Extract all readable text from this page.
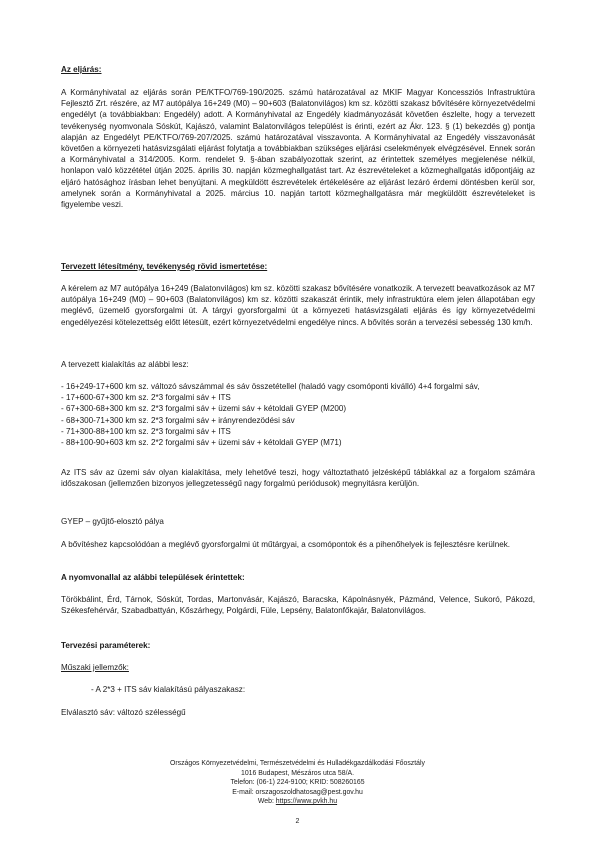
Az eljárás:
A Kormányhivatal az eljárás során PE/KTFO/769-190/2025. számú határozatával az MKIF Magyar Koncessziós Infrastruktúra Fejlesztő Zrt. részére, az M7 autópálya 16+249 (M0) – 90+603 (Balatonvilágos) km sz. közötti szakasz bővítésére környezetvédelmi engedélyt (a továbbiakban: Engedély) adott. A Kormányhivatal az Engedély kiadmányozását követően észlelte, hogy a tervezett tevékenység nyomvonala Sóskút, Kajászó, valamint Balatonvilágos települést is érinti, ezért az Ákr. 123. § (1) bekezdés g) pontja alapján az Engedélyt PE/KTFO/769-207/2025. számú határozatával visszavonta. A Kormányhivatal az Engedély visszavonását követően a környezeti hatásvizsgálati eljárást folytatja a továbbiakban szükséges eljárási cselekmények elvégzésével. Ennek során a Kormányhivatal a 314/2005. Korm. rendelet 9. §-ában szabályozottak szerint, az érintettek személyes megjelenése nélkül, honlapon való közzététel útján 2025. április 30. napján közmeghallgatást tart. Az észrevételeket a közmeghallgatás időpontjáig az eljáró hatósághoz írásban lehet benyújtani. A megküldött észrevételek értékelésére az eljárást lezáró érdemi döntésben kerül sor, amelynek során a Kormányhivatal a 2025. március 10. napján tartott közmeghallgatásra már megküldött észrevételeket is figyelembe veszi.
Tervezett létesítmény, tevékenység rövid ismertetése:
A kérelem az M7 autópálya 16+249 (Balatonvilágos) km sz. közötti szakasz bővítésére vonatkozik. A tervezett beavatkozások az M7 autópálya 16+249 (M0) – 90+603 (Balatonvilágos) km sz. közötti szakaszát érintik, mely infrastruktúra elem jelen állapotában egy meglévő, üzemelő gyorsforgalmi út. A tárgyi gyorsforgalmi út a környezeti hatásvizsgálati eljárás és így környezetvédelmi engedélyezési kötelezettség előtt létesült, ezért környezetvédelmi engedélye nincs. A bővítés során a tervezési sebesség 130 km/h.
A tervezett kialakítás az alábbi lesz:
- 16+249-17+600 km sz. változó sávszámmal és sáv összetétellel (haladó vagy csomóponti kiválló) 4+4 forgalmi sáv,
- 17+600-67+300 km sz. 2*3 forgalmi sáv + ITS
- 67+300-68+300 km sz. 2*3 forgalmi sáv + üzemi sáv + kétoldali GYEP (M200)
- 68+300-71+300 km sz. 2*3 forgalmi sáv + irányrendezödési sáv
- 71+300-88+100 km sz. 2*3 forgalmi sáv + ITS
- 88+100-90+603 km sz. 2*2 forgalmi sáv + üzemi sáv + kétoldali GYEP (M71)
Az ITS sáv az üzemi sáv olyan kialakítása, mely lehetővé teszi, hogy változtatható jelzésképű táblákkal az a forgalom számára időszakosan (jellemzően bizonyos jellegzetességű nagy forgalmú periódusok) megnyitásra kerüljön.
GYEP – gyűjtő-elosztó pálya
A bővítéshez kapcsolódóan a meglévő gyorsforgalmi út műtárgyai, a csomópontok és a pihenőhelyek is fejlesztésre kerülnek.
A nyomvonallal az alábbi települések érintettek:
Törökbálint, Érd, Tárnok, Sóskút, Tordas, Martonvásár, Kajászó, Baracska, Kápolnásnyék, Pázmánd, Velence, Sukoró, Pákozd, Székesfehérvár, Szabadbattyán, Kőszárhegy, Polgárdi, Füle, Lepsény, Balatonfőkajár, Balatonvilágos.
Tervezési paraméterek:
Műszaki jellemzők:
- A 2*3 + ITS sáv kialakítású pályaszakasz:
Elválasztó sáv: változó szélességű
Országos Környezetvédelmi, Természetvédelmi és Hulladékgazdálkodási Főosztály
1016 Budapest, Mészáros utca 58/A.
Telefon: (06-1) 224-9100; KRID: 508260165
E-mail: orszagoszoldhatosag@pest.gov.hu
Web: https://www.pvkh.hu
2
